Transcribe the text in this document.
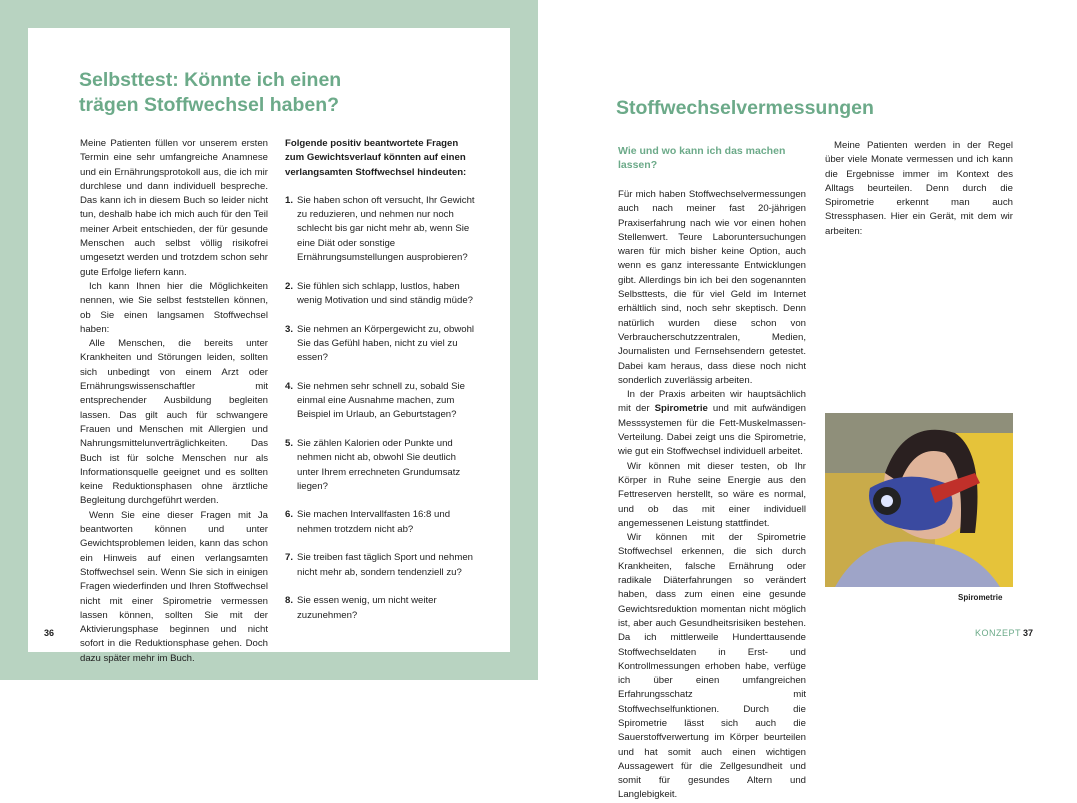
Selbsttest: Könnte ich einen trägen Stoffwechsel haben?

Meine Patienten füllen vor unserem ersten Termin eine sehr umfangreiche Anamnese und ein Ernährungsprotokoll aus, die ich mir durchlese und dann individuell bespreche. Das kann ich in diesem Buch so leider nicht tun, deshalb habe ich mich auch für den Teil meiner Arbeit entschieden, der für gesunde Menschen auch selbst völlig risikofrei umgesetzt werden und trotzdem schon sehr gute Erfolge liefern kann.

Ich kann Ihnen hier die Möglichkeiten nennen, wie Sie selbst feststellen können, ob Sie einen langsamen Stoffwechsel haben:

Alle Menschen, die bereits unter Krankheiten und Störungen leiden, sollten sich unbedingt von einem Arzt oder Ernährungswissenschaftler mit entsprechender Ausbildung begleiten lassen. Das gilt auch für schwangere Frauen und Menschen mit Allergien und Nahrungsmittelunverträglichkeiten. Das Buch ist für solche Menschen nur als Informationsquelle geeignet und es sollten keine Reduktionsphasen ohne ärztliche Begleitung durchgeführt werden.

Wenn Sie eine dieser Fragen mit Ja beantworten können und unter Gewichtsproblemen leiden, kann das schon ein Hinweis auf einen verlangsamten Stoffwechsel sein. Wenn Sie sich in einigen Fragen wiederfinden und Ihren Stoffwechsel nicht mit einer Spirometrie vermessen lassen können, sollten Sie mit der Aktivierungsphase beginnen und nicht sofort in die Reduktionsphase gehen. Doch dazu später mehr im Buch.

Folgende positiv beantwortete Fragen zum Gewichtsverlauf könnten auf einen verlangsamten Stoffwechsel hindeuten:

1. Sie haben schon oft versucht, Ihr Gewicht zu reduzieren, und nehmen nur noch schlecht bis gar nicht mehr ab, wenn Sie eine Diät oder sonstige Ernährungsumstellungen ausprobieren?
2. Sie fühlen sich schlapp, lustlos, haben wenig Motivation und sind ständig müde?
3. Sie nehmen an Körpergewicht zu, obwohl Sie das Gefühl haben, nicht zu viel zu essen?
4. Sie nehmen sehr schnell zu, sobald Sie einmal eine Ausnahme machen, zum Beispiel im Urlaub, an Geburtstagen?
5. Sie zählen Kalorien oder Punkte und nehmen nicht ab, obwohl Sie deutlich unter Ihrem errechneten Grundumsatz liegen?
6. Sie machen Intervallfasten 16:8 und nehmen trotzdem nicht ab?
7. Sie treiben fast täglich Sport und nehmen nicht mehr ab, sondern tendenziell zu?
8. Sie essen wenig, um nicht weiter zuzunehmen?
36
Stoffwechselvermessungen

Wie und wo kann ich das machen lassen?

Für mich haben Stoffwechselvermessungen auch nach meiner fast 20-jährigen Praxiserfahrung nach wie vor einen hohen Stellenwert. Teure Laboruntersuchungen waren für mich bisher keine Option, auch wenn es ganz interessante Entwicklungen gibt. Allerdings bin ich bei den sogenannten Selbsttests, die für viel Geld im Internet erhältlich sind, noch sehr skeptisch. Denn natürlich wurden diese schon von Verbraucherschutzzentralen, Medien, Journalisten und Fernsehsendern getestet. Dabei kam heraus, dass diese noch nicht sonderlich zuverlässig arbeiten.

In der Praxis arbeiten wir hauptsächlich mit der Spirometrie und mit aufwändigen Messsystemen für die Fett-Muskelmassen-Verteilung. Dabei zeigt uns die Spirometrie, wie gut ein Stoffwechsel individuell arbeitet.

Wir können mit dieser testen, ob Ihr Körper in Ruhe seine Energie aus den Fettreserven herstellt, so wäre es normal, und ob das mit einer individuell angemessenen Leistung stattfindet.

Wir können mit der Spirometrie Stoffwechsel erkennen, die sich durch Krankheiten, falsche Ernährung oder radikale Diäterfahrungen so verändert haben, dass zum einen eine gesunde Gewichtsreduktion momentan nicht möglich ist, aber auch Gesundheitsrisiken bestehen. Da ich mittlerweile Hunderttausende Stoffwechseldaten in Erst- und Kontrollmessungen erhoben habe, verfüge ich über einen umfangreichen Erfahrungsschatz mit Stoffwechselfunktionen. Durch die Spirometrie lässt sich auch die Sauerstoffverwertung im Körper beurteilen und hat somit auch einen wichtigen Aussagewert für die Zellgesundheit und somit für gesundes Altern und Langlebigkeit.

Meine Patienten werden in der Regel über viele Monate vermessen und ich kann die Ergebnisse immer im Kontext des Alltags beurteilen. Denn durch die Spirometrie erkennt man auch Stressphasen. Hier ein Gerät, mit dem wir arbeiten:

Spirometrie
KONZEPT 37
